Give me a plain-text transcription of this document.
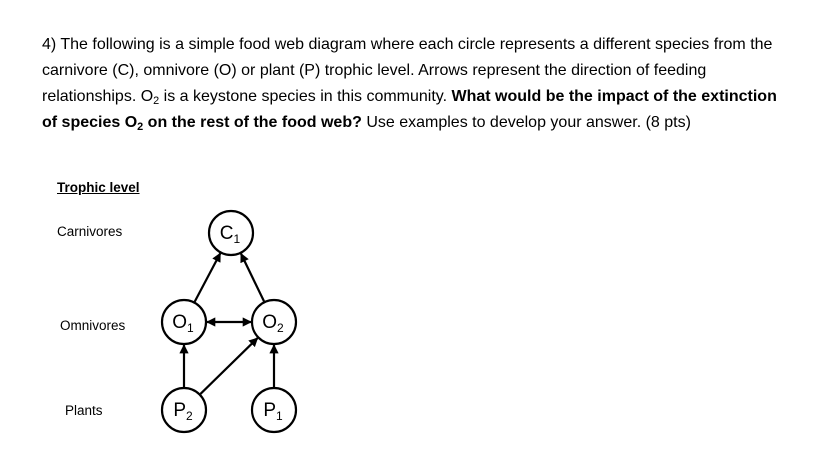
4) The following is a simple food web diagram where each circle represents a different species from the
carnivore (C), omnivore (O) or plant (P) trophic level. Arrows represent the direction of feeding
relationships. $O_2$ is a keystone species in this community. What would be the impact of the extinction
of species $O_2$ on the rest of the food web? Use examples to develop your answer. (8 pts)
Trophic level
Carnivores
Omnivores
Plants
$C_1$
$O_1$	$O_2$
$P_2$	$P_1$
